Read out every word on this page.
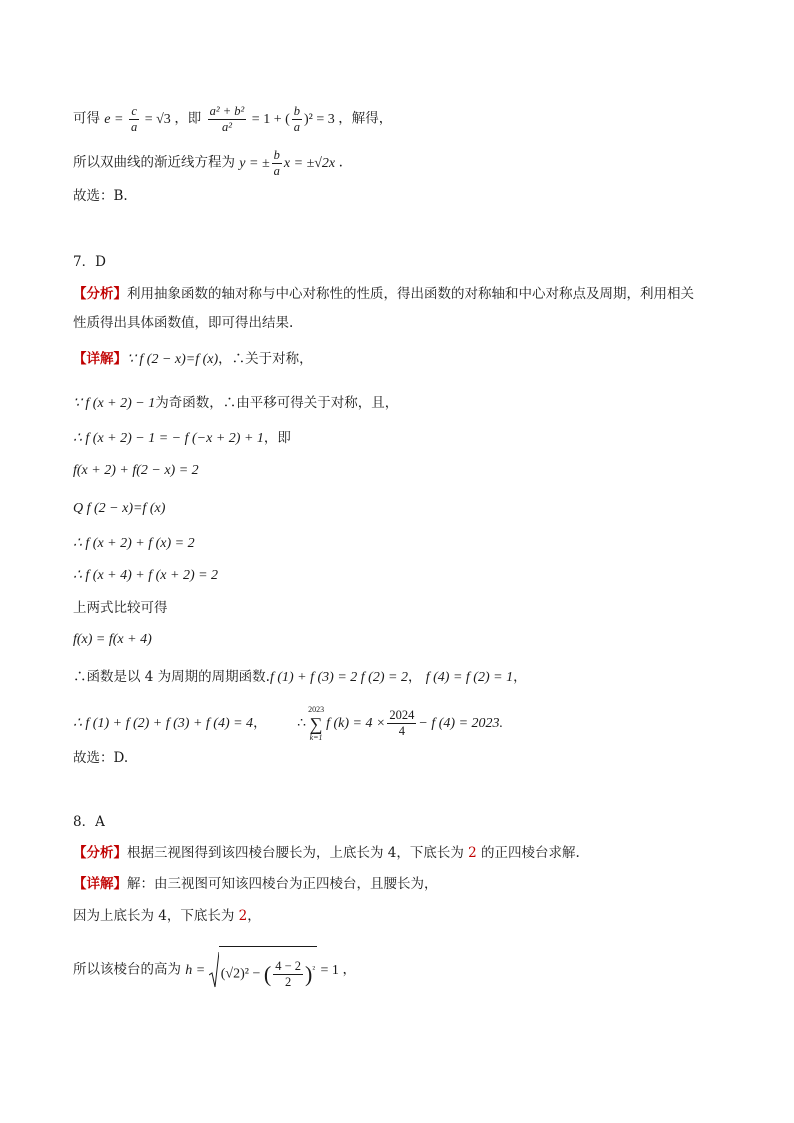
可得 $e = \frac{c}{a} = √3$ ，即 $\frac{\text{a² + b²}}{\text{a²}} = 1$ + ( $\frac{b}{a} )^2 = 3$ ，解得，
所以双曲线的渐近线方程为 y = ± $\frac{b}{a}$ x = ±√2x .
故选：B.
7．D
【分析】利用抽象函数的轴对称与中心对称性的性质，得出函数的对称轴和中心对称点及周期，利用相关
性质得出具体函数值，即可得出结果.
【详解】∵ f (2 − x)=f (x)，∴关于对称，
∵ f (x + 2) − 1为奇函数，∴由平移可得关于对称，且，
∴ f (x + 2) − 1 = − f (−x + 2) + 1，即
f(x + 2) + f(2 − x) = 2
Q f (2 − x)=f (x)
∴ f (x + 2) + f (x) = 2
∴ f (x + 4) + f (x + 2) = 2
上两式比较可得
f(x) = f(x + 4)
∴函数是以 4 为周期的周期函数.f (1) + f (3) = 2 f (2) = 2， f (4) = f (2) = 1，
∴ f (1) + f (2) + f (3) + f (4) = 4， ∴
2023
∑
k=1
f $(k) = 4 \times \frac{2024}{4} - f$ (4) = 2023.
故选：D.
8．A
【分析】根据三视图得到该四棱台腰长为，上底长为 4，下底长为 2 的正四棱台求解.
【详解】解：由三视图可知该四棱台为正四棱台，且腰长为，
因为上底长为 4，下底长为 2，
所以该棱台的高为 h = (√2)² − ( $\frac{4 - 2}{2} )^{^2} = 1$ ，
